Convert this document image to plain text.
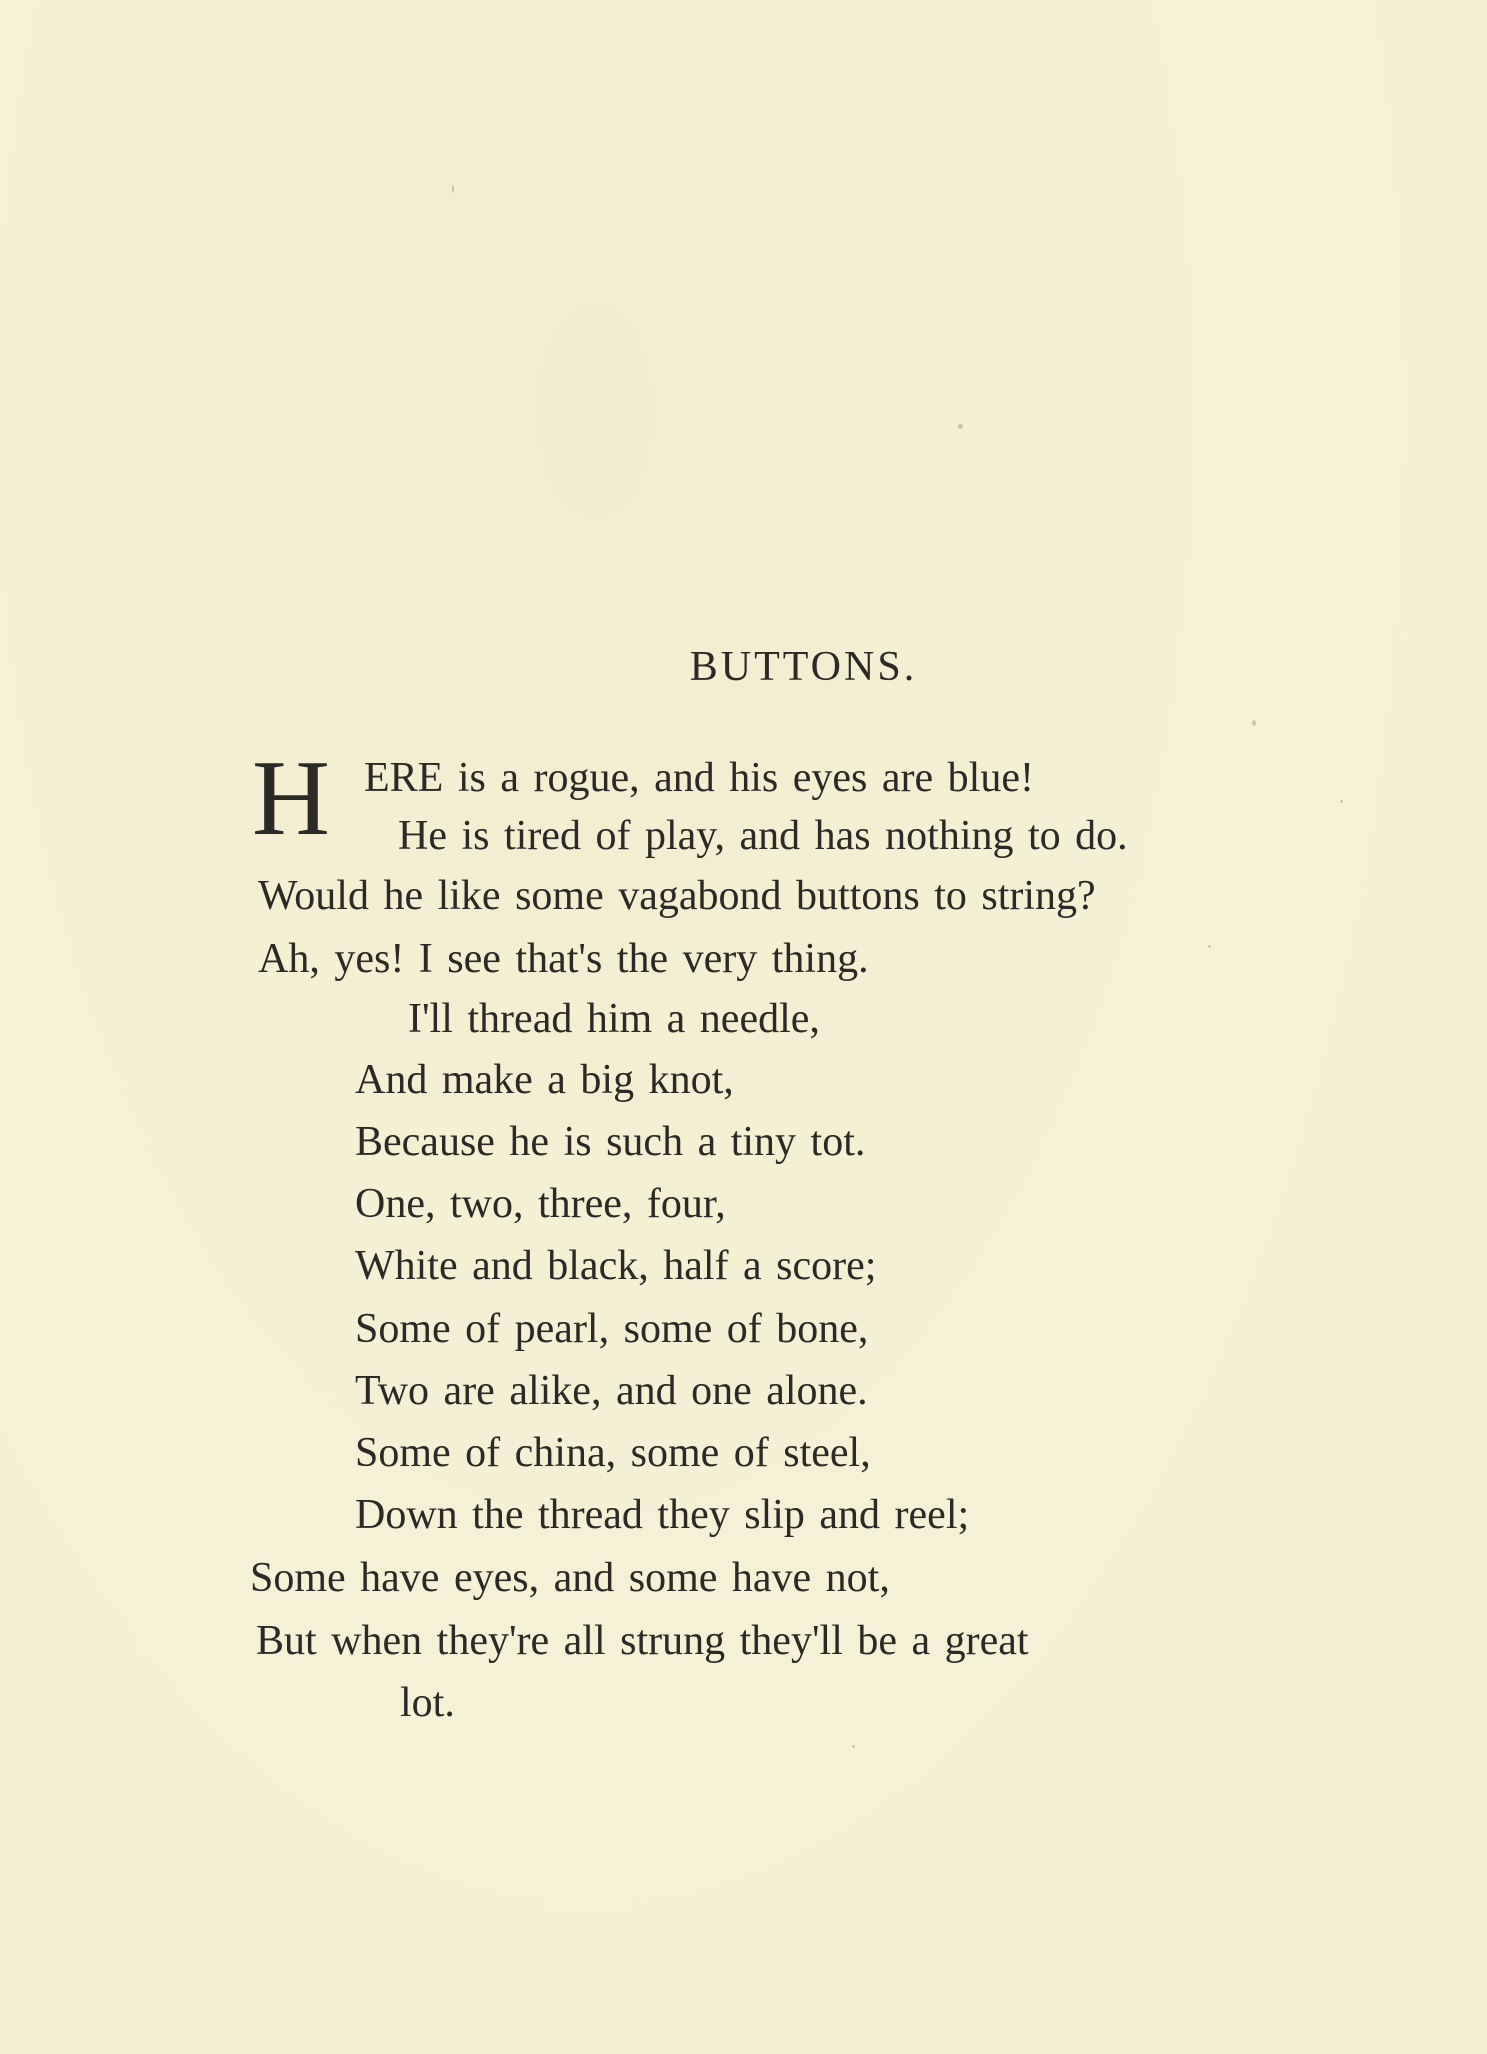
BUTTONS.
H ERE is a rogue, and his eyes are blue!
He is tired of play, and has nothing to do.
Would he like some vagabond buttons to string?
Ah, yes! I see that's the very thing.
I'll thread him a needle,
And make a big knot,
Because he is such a tiny tot.
One, two, three, four,
White and black, half a score;
Some of pearl, some of bone,
Two are alike, and one alone.
Some of china, some of steel,
Down the thread they slip and reel;
Some have eyes, and some have not,
But when they're all strung they'll be a great
lot.
